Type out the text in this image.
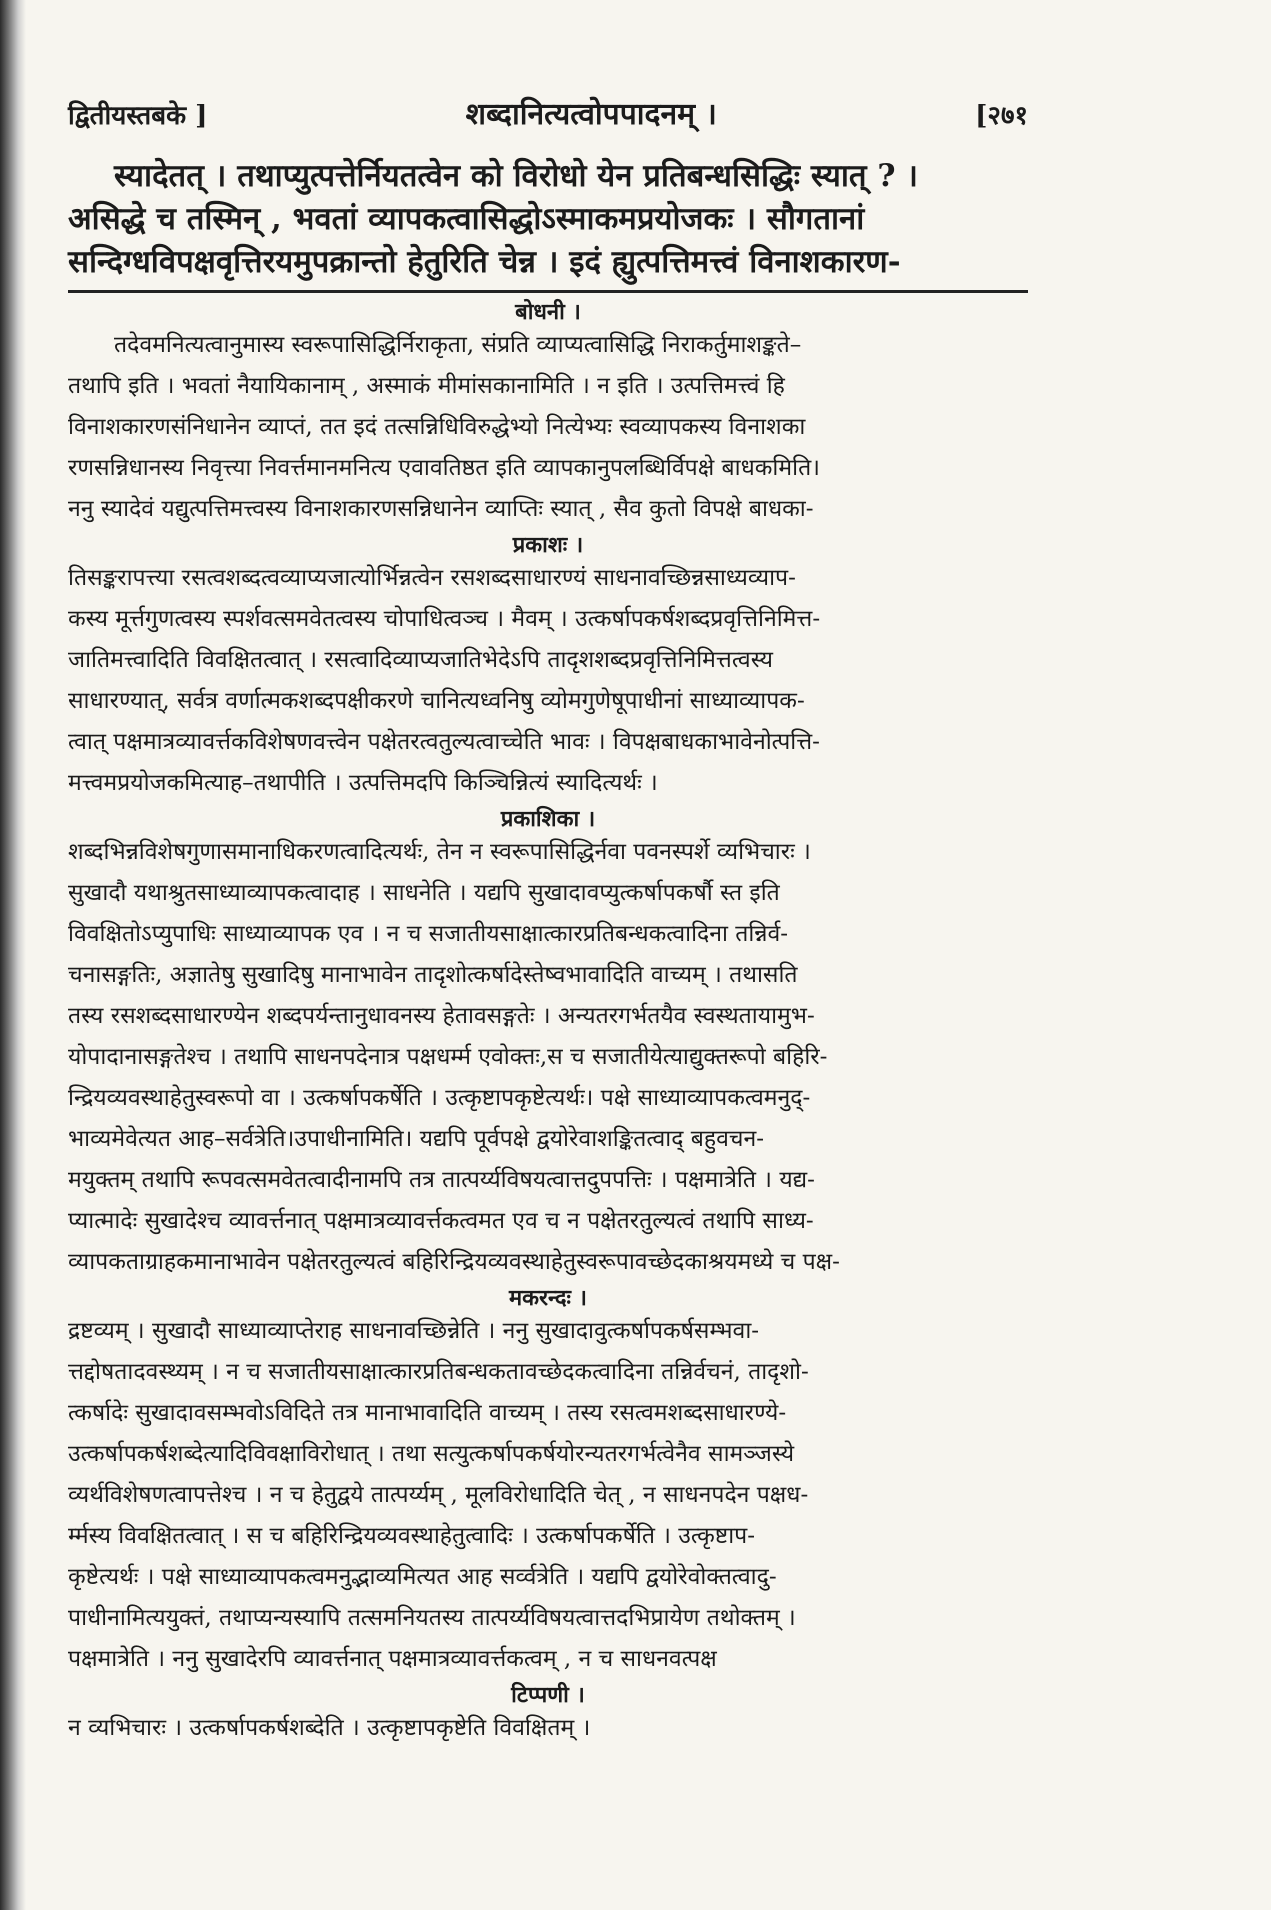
द्वितीयस्तबके ]	शब्दानित्यत्वोपपादनम् ।	[२७१

स्यादेतत् । तथाप्युत्पत्तेर्नियतत्वेन को विरोधो येन प्रतिबन्धसिद्धिः स्यात् ? ।

असिद्धे च तस्मिन् , भवतां व्यापकत्वासिद्धोऽस्माकमप्रयोजकः । सौगतानां

सन्दिग्धविपक्षवृत्तिरयमुपक्रान्तो हेतुरिति चेन्न । इदं ह्युत्पत्तिमत्त्वं विनाशकारण-

बोधनी ।

तदेवमनित्यत्वानुमास्य स्वरूपासिद्धिर्निराकृता, संप्रति व्याप्यत्वासिद्धि निराकर्तुमाशङ्कते–

तथापि इति । भवतां नैयायिकानाम् , अस्माकं मीमांसकानामिति । न इति । उत्पत्तिमत्त्वं हि

विनाशकारणसंनिधानेन व्याप्तं, तत इदं तत्सन्निधिविरुद्धेभ्यो नित्येभ्यः स्वव्यापकस्य विनाशका

रणसन्निधानस्य निवृत्त्या निवर्त्तमानमनित्य एवावतिष्ठत इति व्यापकानुपलब्धिर्विपक्षे बाधकमिति।

ननु स्यादेवं यद्युत्पत्तिमत्त्वस्य विनाशकारणसन्निधानेन व्याप्तिः स्यात् , सैव कुतो विपक्षे बाधका-

प्रकाशः ।

तिसङ्करापत्त्या रसत्वशब्दत्वव्याप्यजात्योर्भिन्नत्वेन रसशब्दसाधारण्यं साधनावच्छिन्नसाध्यव्याप-

कस्य मूर्त्तगुणत्वस्य स्पर्शवत्समवेतत्वस्य चोपाधित्वञ्च । मैवम् । उत्कर्षापकर्षशब्दप्रवृत्तिनिमित्त-

जातिमत्त्वादिति विवक्षितत्वात् । रसत्वादिव्याप्यजातिभेदेऽपि तादृशशब्दप्रवृत्तिनिमित्तत्वस्य

साधारण्यात्, सर्वत्र वर्णात्मकशब्दपक्षीकरणे चानित्यध्वनिषु व्योमगुणेषूपाधीनां साध्याव्यापक-

त्वात् पक्षमात्रव्यावर्त्तकविशेषणवत्त्वेन पक्षेतरत्वतुल्यत्वाच्चेति भावः । विपक्षबाधकाभावेनोत्पत्ति-

मत्त्वमप्रयोजकमित्याह–तथापीति । उत्पत्तिमदपि किञ्चिन्नित्यं स्यादित्यर्थः ।

प्रकाशिका ।

शब्दभिन्नविशेषगुणासमानाधिकरणत्वादित्यर्थः, तेन न स्वरूपासिद्धिर्नवा पवनस्पर्शे व्यभिचारः ।

सुखादौ यथाश्रुतसाध्याव्यापकत्वादाह । साधनेति । यद्यपि सुखादावप्युत्कर्षापकर्षौ स्त इति

विवक्षितोऽप्युपाधिः साध्याव्यापक एव । न च सजातीयसाक्षात्कारप्रतिबन्धकत्वादिना तन्निर्व-

चनासङ्गतिः, अज्ञातेषु सुखादिषु मानाभावेन तादृशोत्कर्षादेस्तेष्वभावादिति वाच्यम् । तथासति

तस्य रसशब्दसाधारण्येन शब्दपर्यन्तानुधावनस्य हेतावसङ्गतेः । अन्यतरगर्भतयैव स्वस्थतायामुभ-

योपादानासङ्गतेश्च । तथापि साधनपदेनात्र पक्षधर्म्म एवोक्तः,स च सजातीयेत्याद्युक्तरूपो बहिरि-

न्द्रियव्यवस्थाहेतुस्वरूपो वा । उत्कर्षापकर्षेति । उत्कृष्टापकृष्टेत्यर्थः। पक्षे साध्याव्यापकत्वमनुद्-

भाव्यमेवेत्यत आह–सर्वत्रेति।उपाधीनामिति। यद्यपि पूर्वपक्षे द्वयोरेवाशङ्कितत्वाद् बहुवचन-

मयुक्तम् तथापि रूपवत्समवेतत्वादीनामपि तत्र तात्पर्य्यविषयत्वात्तदुपपत्तिः । पक्षमात्रेति । यद्य-

प्यात्मादेः सुखादेश्च व्यावर्त्तनात् पक्षमात्रव्यावर्त्तकत्वमत एव च न पक्षेतरतुल्यत्वं तथापि साध्य-

व्यापकताग्राहकमानाभावेन पक्षेतरतुल्यत्वं बहिरिन्द्रियव्यवस्थाहेतुस्वरूपावच्छेदकाश्रयमध्ये च पक्ष-

मकरन्दः ।

द्रष्टव्यम् । सुखादौ साध्याव्याप्तेराह साधनावच्छिन्नेति । ननु सुखादावुत्कर्षापकर्षसम्भवा-

त्तद्दोषतादवस्थ्यम् । न च सजातीयसाक्षात्कारप्रतिबन्धकतावच्छेदकत्वादिना तन्निर्वचनं, तादृशो-

त्कर्षादेः सुखादावसम्भवोऽविदिते तत्र मानाभावादिति वाच्यम् । तस्य रसत्वमशब्दसाधारण्ये-

उत्कर्षापकर्षशब्देत्यादिविवक्षाविरोधात् । तथा सत्युत्कर्षापकर्षयोरन्यतरगर्भत्वेनैव सामञ्जस्ये

व्यर्थविशेषणत्वापत्तेश्च । न च हेतुद्वये तात्पर्य्यम् , मूलविरोधादिति चेत् , न साधनपदेन पक्षध-

र्म्मस्य विवक्षितत्वात् । स च बहिरिन्द्रियव्यवस्थाहेतुत्वादिः । उत्कर्षापकर्षेति । उत्कृष्टाप-

कृष्टेत्यर्थः । पक्षे साध्याव्यापकत्वमनुद्भाव्यमित्यत आह सर्व्वत्रेति । यद्यपि द्वयोरेवोक्तत्वादु-

पाधीनामित्ययुक्तं, तथाप्यन्यस्यापि तत्समनियतस्य तात्पर्य्यविषयत्वात्तदभिप्रायेण तथोक्तम् ।

पक्षमात्रेति । ननु सुखादेरपि व्यावर्त्तनात् पक्षमात्रव्यावर्त्तकत्वम् , न च साधनवत्पक्ष

टिप्पणी ।

न व्यभिचारः । उत्कर्षापकर्षशब्देति । उत्कृष्टापकृष्टेति विवक्षितम् ।
